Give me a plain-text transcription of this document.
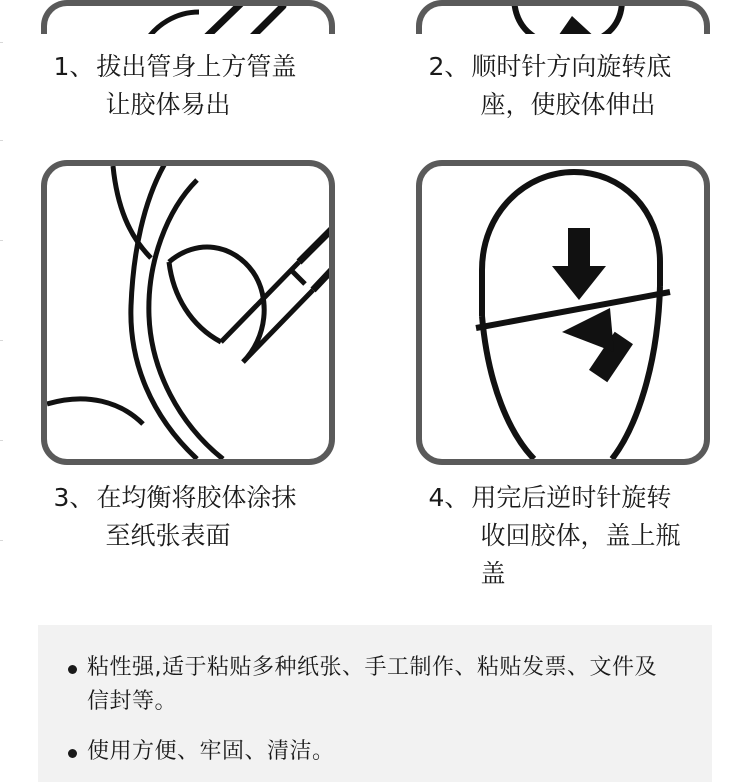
1、拔出管身上方管盖
让胶体易出
2、顺时针方向旋转底
座，使胶体伸出
3、在均衡将胶体涂抹
至纸张表面
4、用完后逆时针旋转
收回胶体，盖上瓶
盖
粘性强,适于粘贴多种纸张、手工制作、粘贴发票、文件及
信封等。
使用方便、牢固、清洁。
